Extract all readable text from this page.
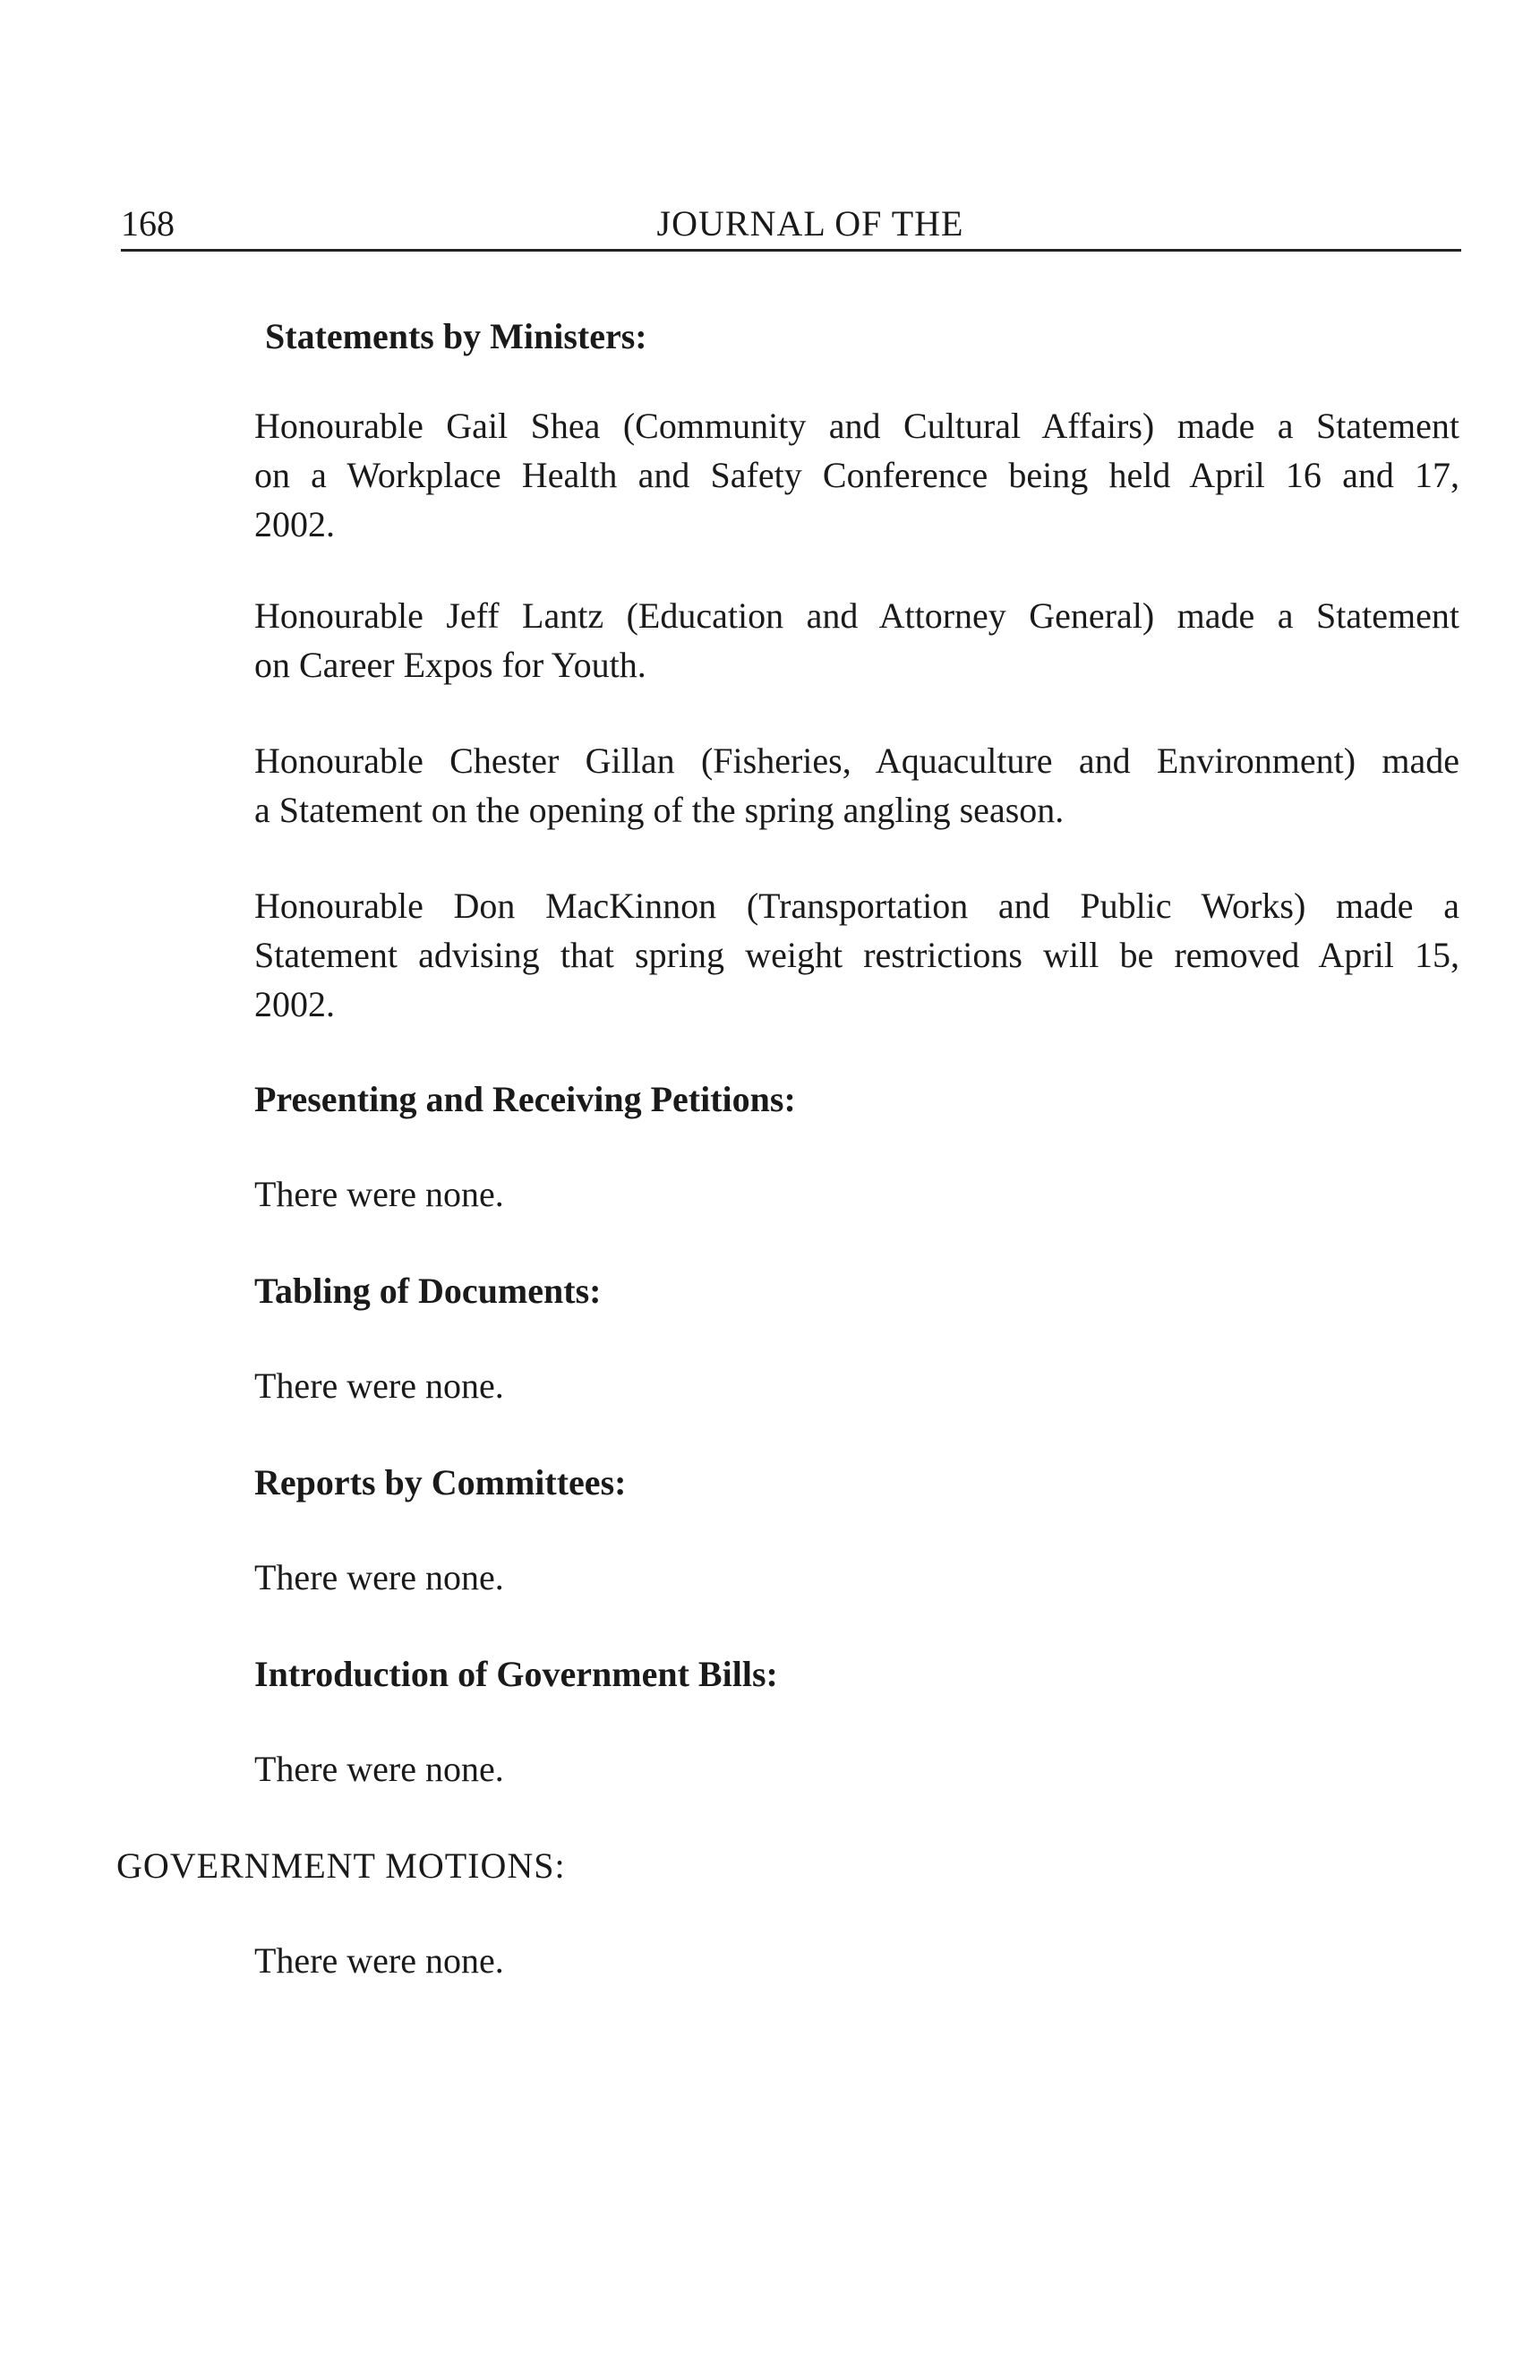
168	JOURNAL OF THE
Statements by Ministers:
Honourable Gail Shea (Community and Cultural Affairs) made a Statement
on a Workplace Health and Safety Conference being held April 16 and 17,
2002.
Honourable Jeff Lantz (Education and Attorney General) made a Statement
on Career Expos for Youth.
Honourable Chester Gillan (Fisheries, Aquaculture and Environment) made
a Statement on the opening of the spring angling season.
Honourable Don MacKinnon (Transportation and Public Works) made a
Statement advising that spring weight restrictions will be removed April 15,
2002.
Presenting and Receiving Petitions:
There were none.
Tabling of Documents:
There were none.
Reports by Committees:
There were none.
Introduction of Government Bills:
There were none.
GOVERNMENT MOTIONS:
There were none.
